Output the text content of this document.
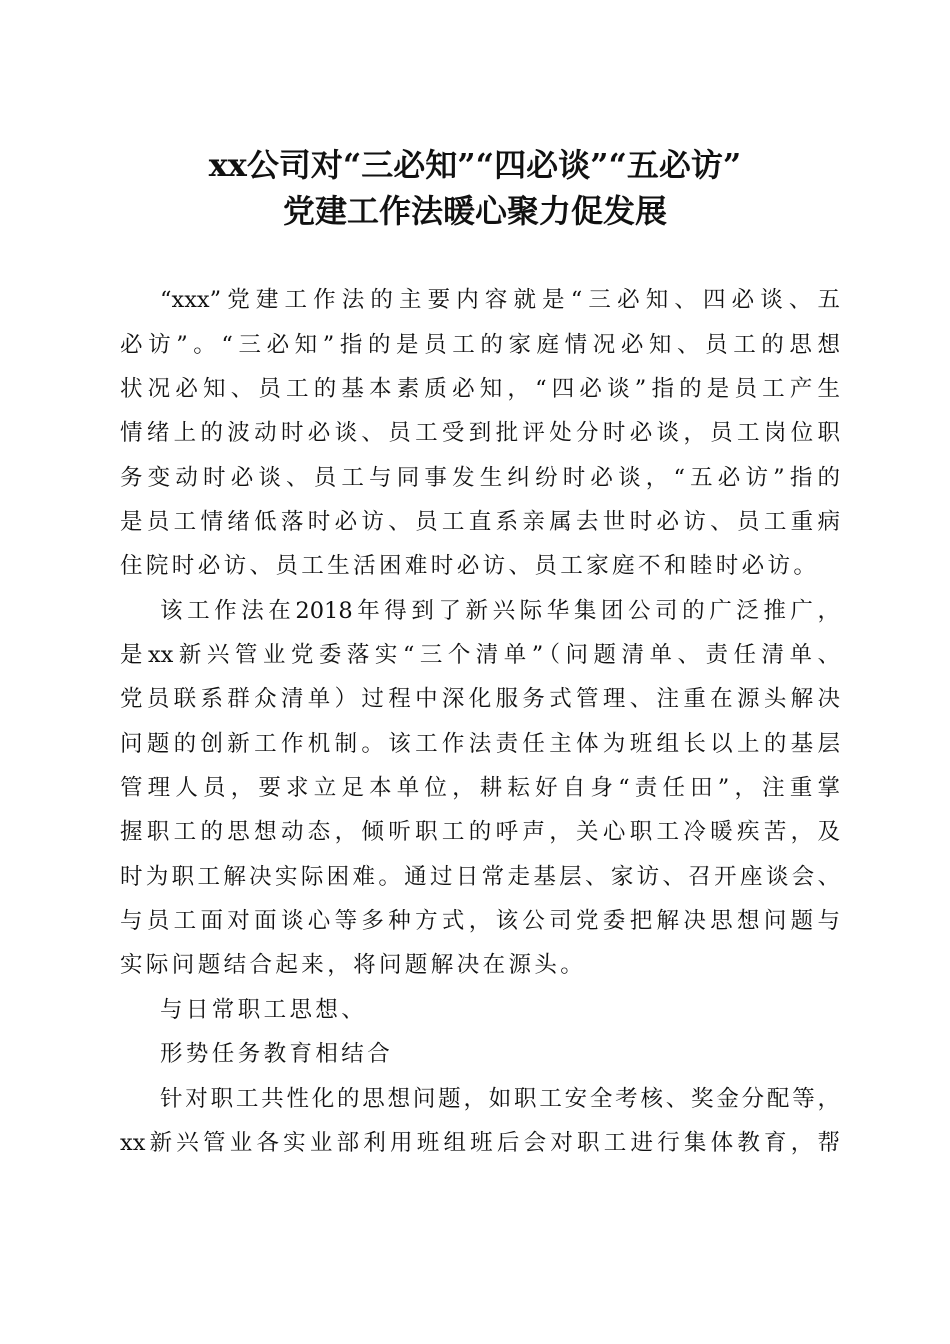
xx公司对“三必知”“四必谈”“五必访”
党建工作法暖心聚力促发展
“xxx”党建工作法的主要内容就是“三必知、四必谈、五
必访”。“三必知”指的是员工的家庭情况必知、员工的思想
状况必知、员工的基本素质必知，“四必谈”指的是员工产生
情绪上的波动时必谈、员工受到批评处分时必谈，员工岗位职
务变动时必谈、员工与同事发生纠纷时必谈，“五必访”指的
是员工情绪低落时必访、员工直系亲属去世时必访、员工重病
住院时必访、员工生活困难时必访、员工家庭不和睦时必访。
该工作法在2018年得到了新兴际华集团公司的广泛推广，
是xx新兴管业党委落实“三个清单”（问题清单、责任清单、
党员联系群众清单）过程中深化服务式管理、注重在源头解决
问题的创新工作机制。该工作法责任主体为班组长以上的基层
管理人员，要求立足本单位，耕耘好自身“责任田”，注重掌
握职工的思想动态，倾听职工的呼声，关心职工冷暖疾苦，及
时为职工解决实际困难。通过日常走基层、家访、召开座谈会、
与员工面对面谈心等多种方式，该公司党委把解决思想问题与
实际问题结合起来，将问题解决在源头。
与日常职工思想、
形势任务教育相结合
针对职工共性化的思想问题，如职工安全考核、奖金分配等，
xx新兴管业各实业部利用班组班后会对职工进行集体教育，帮
